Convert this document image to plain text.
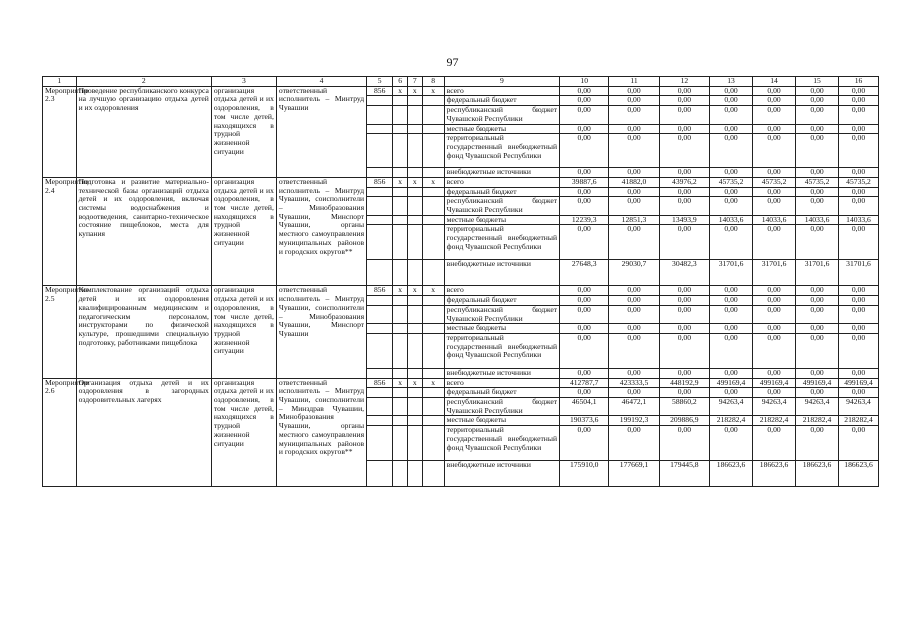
97
1	2	3	4	5	6	7	8	9	10	11	12	13	14	15	16
Мероприятие 2.3	Проведение республиканского конкурса на лучшую организацию отдыха детей и их оздоровления	организация отдыха детей и их оздоровления, в том числе детей, находящихся в трудной жизненной ситуации	ответственный исполнитель – Минтруд Чувашии	856	x	x	x	всего	0,00	0,00	0,00	0,00	0,00	0,00	0,00
								федеральный бюджет	0,00	0,00	0,00	0,00	0,00	0,00	0,00
								республиканский бюджет Чувашской Республики	0,00	0,00	0,00	0,00	0,00	0,00	0,00
								местные бюджеты	0,00	0,00	0,00	0,00	0,00	0,00	0,00
								территориальный государственный внебюджетный фонд Чувашской Республики	0,00	0,00	0,00	0,00	0,00	0,00	0,00
								внебюджетные источники	0,00	0,00	0,00	0,00	0,00	0,00	0,00
Мероприятие 2.4	Подготовка и развитие материально-технической базы организаций отдыха детей и их оздоровления, включая системы водоснабжения и водоотведения, санитарно-техническое состояние пищеблоков, места для купания	организация отдыха детей и их оздоровления, в том числе детей, находящихся в трудной жизненной ситуации	ответственный исполнитель – Минтруд Чувашии, соисполнители – Минобразования Чувашии, Минспорт Чувашии, органы местного самоуправления муниципальных районов и городских округов**	856	x	x	x	всего	39887,6	41882,0	43976,2	45735,2	45735,2	45735,2	45735,2
								федеральный бюджет	0,00	0,00	0,00	0,00	0,00	0,00	0,00
								республиканский бюджет Чувашской Республики	0,00	0,00	0,00	0,00	0,00	0,00	0,00
								местные бюджеты	12239,3	12851,3	13493,9	14033,6	14033,6	14033,6	14033,6
								территориальный государственный внебюджетный фонд Чувашской Республики	0,00	0,00	0,00	0,00	0,00	0,00	0,00
								внебюджетные источники	27648,3	29030,7	30482,3	31701,6	31701,6	31701,6	31701,6
Мероприятие 2.5	Комплектование организаций отдыха детей и их оздоровления квалифицированным медицинским и педагогическим персоналом, инструкторами по физической культуре, прошедшими специальную подготовку, работниками пищеблока	организация отдыха детей и их оздоровления, в том числе детей, находящихся в трудной жизненной ситуации	ответственный исполнитель – Минтруд Чувашии, соисполнители – Минобразования Чувашии, Минспорт Чувашии	856	x	x	x	всего	0,00	0,00	0,00	0,00	0,00	0,00	0,00
								федеральный бюджет	0,00	0,00	0,00	0,00	0,00	0,00	0,00
								республиканский бюджет Чувашской Республики	0,00	0,00	0,00	0,00	0,00	0,00	0,00
								местные бюджеты	0,00	0,00	0,00	0,00	0,00	0,00	0,00
								территориальный государственный внебюджетный фонд Чувашской Республики	0,00	0,00	0,00	0,00	0,00	0,00	0,00
								внебюджетные источники	0,00	0,00	0,00	0,00	0,00	0,00	0,00
Мероприятие 2.6	Организация отдыха детей и их оздоровления в загородных оздоровительных лагерях	организация отдыха детей и их оздоровления, в том числе детей, находящихся в трудной жизненной ситуации	ответственный исполнитель – Минтруд Чувашии, соисполнители – Минздрав Чувашии, Минобразования Чувашии, органы местного самоуправления муниципальных районов и городских округов**	856	x	x	x	всего	412787,7	423333,5	448192,9	499169,4	499169,4	499169,4	499169,4
								федеральный бюджет	0,00	0,00	0,00	0,00	0,00	0,00	0,00
								республиканский бюджет Чувашской Республики	46504,1	46472,1	58860,2	94263,4	94263,4	94263,4	94263,4
								местные бюджеты	190373,6	199192,3	209886,9	218282,4	218282,4	218282,4	218282,4
								территориальный государственный внебюджетный фонд Чувашской Республики	0,00	0,00	0,00	0,00	0,00	0,00	0,00
								внебюджетные источники	175910,0	177669,1	179445,8	186623,6	186623,6	186623,6	186623,6
